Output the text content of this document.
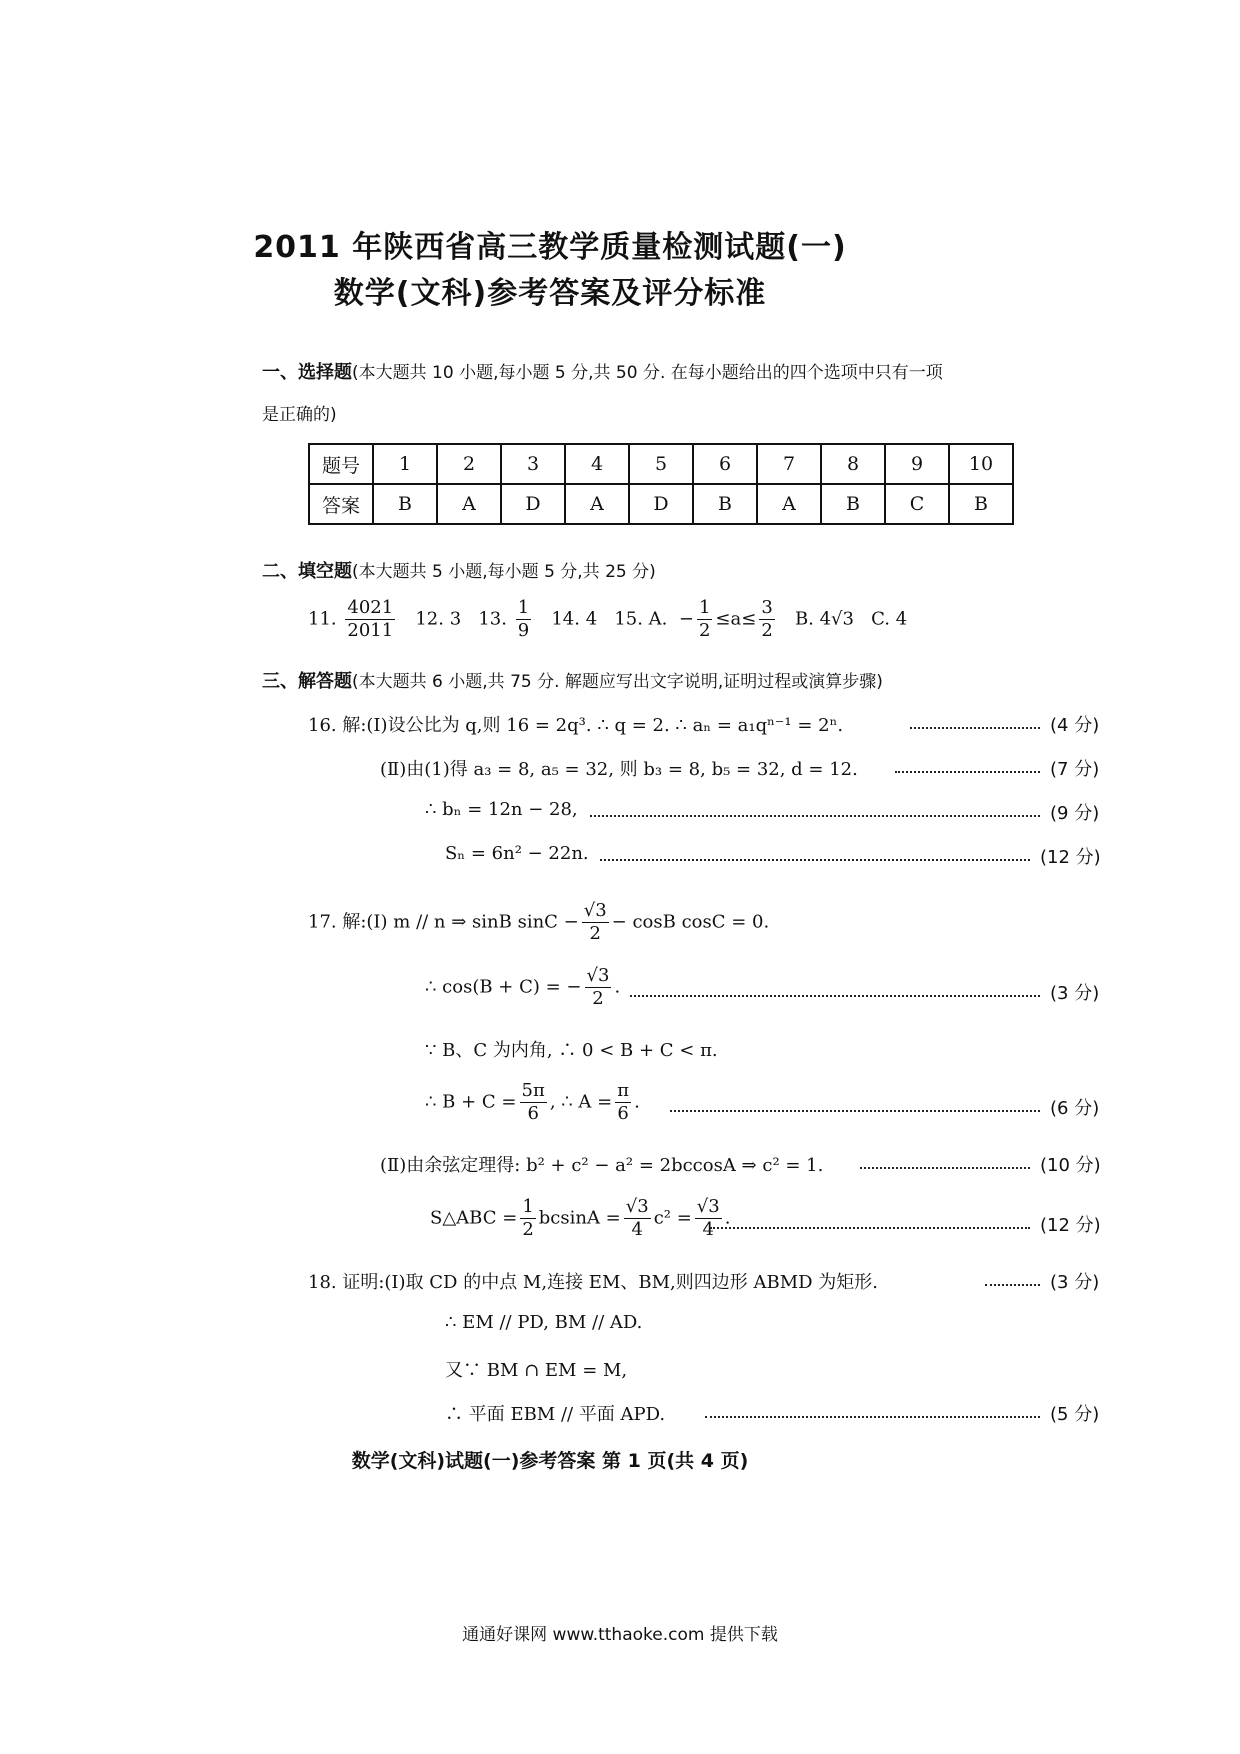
2011 年陕西省高三教学质量检测试题(一)
数学(文科)参考答案及评分标准
一、选择题(本大题共 10 小题,每小题 5 分,共 50 分. 在每小题给出的四个选项中只有一项
是正确的)
题号	1	2	3	4	5	6	7	8	9	10
答案	B	A	D	A	D	B	A	B	C	B
二、填空题(本大题共 5 小题,每小题 5 分,共 25 分)
11. $\frac{4021}{2011} 12$. 3 13. $\frac{1}{9} 14$. 4 15. A. − $\frac{1}{2} \le a\le \frac{3}{2} B$. 4√3 C. 4
三、解答题(本大题共 6 小题,共 75 分. 解题应写出文字说明,证明过程或演算步骤)
16. 解:(Ⅰ)设公比为 q,则 16 = 2q³. ∴ q = 2. ∴ aₙ = a₁qⁿ⁻¹ = 2ⁿ.	(4 分)
(Ⅱ)由(1)得 a₃ = 8, a₅ = 32, 则 b₃ = 8, b₅ = 32, d = 12.	(7 分)
∴ bₙ = 12n − 28,	(9 分)
Sₙ = 6n² − 22n.	(12 分)
17. 解:(Ⅰ) m // n ⇒ sinB $\sin C - \frac{√3}{2} - \cos B$ cosC = 0.
∴ cos(B + C) = − $\frac{√3}{2}$ .	(3 分)
∵ B、C 为内角, ∴ 0 < B + C < π.
∴ $B + C = \frac{5\pi}{6}$ , ∴ $A = \frac{\pi}{6}$ .	(6 分)
(Ⅱ)由余弦定理得: b² + c² − a² = 2bccosA ⇒ c² = 1.	(10 分)
S△ABC = $\frac{1}{2}$ $bcsinA = \frac{√3}{4} c^2 = \frac{√3}{4}$ .	(12 分)
18. 证明:(Ⅰ)取 CD 的中点 M,连接 EM、BM,则四边形 ABMD 为矩形.	(3 分)
∴ EM // PD, BM // AD.
又∵ BM ∩ EM = M,
∴ 平面 EBM // 平面 APD.	(5 分)
数学(文科)试题(一)参考答案 第 1 页(共 4 页)
通通好课网 www.tthaoke.com 提供下载
